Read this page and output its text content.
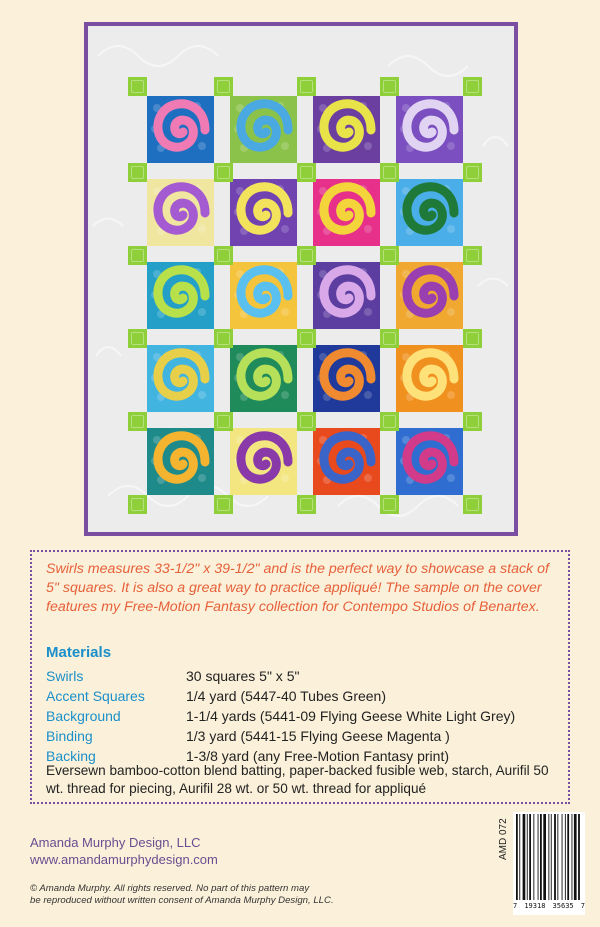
Swirls measures 33-1/2" x 39-1/2" and is the perfect way to showcase a stack of 5" squares. It is also a great way to practice appliqué! The sample on the cover features my Free-Motion Fantasy collection for Contempo Studios of Benartex.

Materials

Swirls	30 squares 5" x 5"
Accent Squares	1/4 yard (5447-40 Tubes Green)
Background	1-1/4 yards (5441-09 Flying Geese White Light Grey)
Binding	1/3 yard (5441-15 Flying Geese Magenta )
Backing	1-3/8 yard (any Free-Motion Fantasy print)

Eversewn bamboo-cotton blend batting, paper-backed fusible web, starch, Aurifil 50 wt. thread for piecing, Aurifil 28 wt. or 50 wt. thread for appliqué

Amanda Murphy Design, LLC
www.amandamurphydesign.com
© Amanda Murphy. All rights reserved. No part of this pattern may
be reproduced without written consent of Amanda Murphy Design, LLC.
AMD 072
7 19318 35635 7
